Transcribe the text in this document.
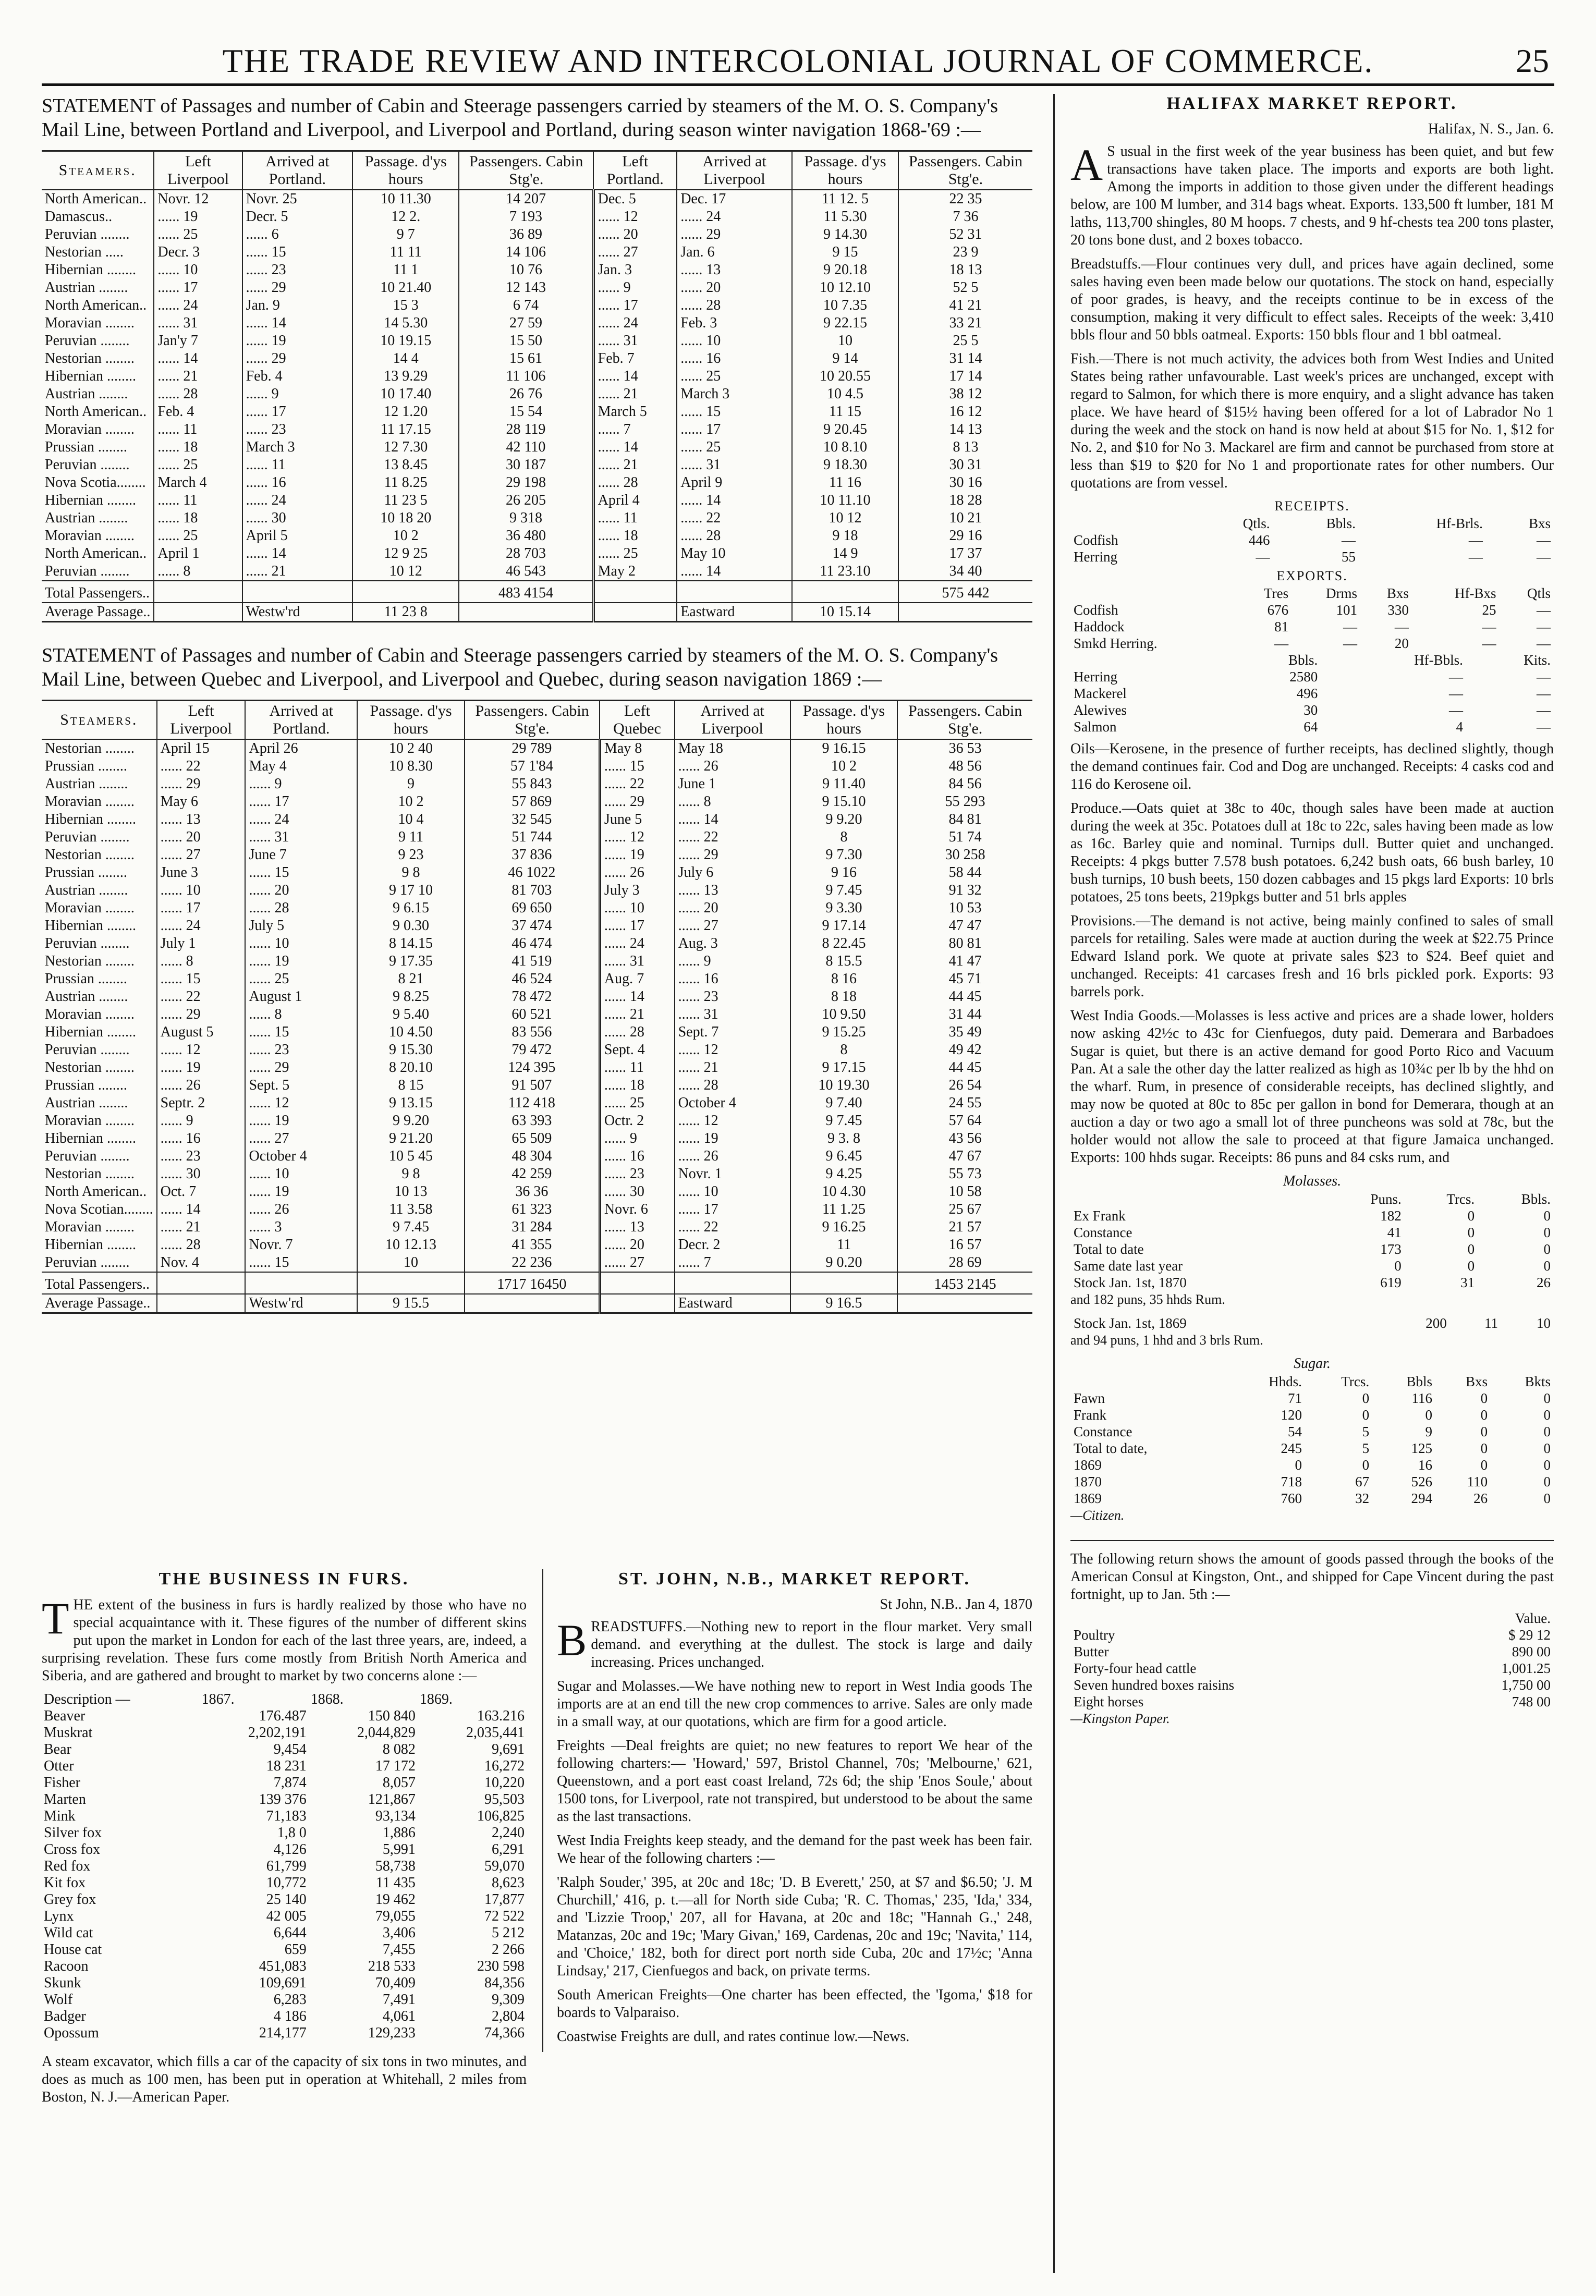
THE TRADE REVIEW AND INTERCOLONIAL JOURNAL OF COMMERCE.	25
STATEMENT of Passages and number of Cabin and Steerage passengers carried by steamers of the M. O. S. Company's Mail Line, between Portland and Liverpool, and Liverpool and Portland, during season winter navigation 1868-'69 :—
Steamers.	Left Liverpool	Arrived at Portland.	Passage. d'ys hours	Passengers. Cabin Stg'e.	Left Portland.	Arrived at Liverpool	Passage. d'ys hours	Passengers. Cabin Stg'e.
North American..	Novr. 12	Novr. 25	10 11.30	14 207	Dec. 5	Dec. 17	11 12. 5	22 35
Damascus..	...... 19	Decr. 5	12 2.	7 193	...... 12	...... 24	11 5.30	7 36
Peruvian ........	...... 25	...... 6	9 7	36 89	...... 20	...... 29	9 14.30	52 31
Nestorian .....	Decr. 3	...... 15	11 11	14 106	...... 27	Jan. 6	9 15	23 9
Hibernian ........	...... 10	...... 23	11 1	10 76	Jan. 3	...... 13	9 20.18	18 13
Austrian ........	...... 17	...... 29	10 21.40	12 143	...... 9	...... 20	10 12.10	52 5
North American..	...... 24	Jan. 9	15 3	6 74	...... 17	...... 28	10 7.35	41 21
Moravian ........	...... 31	...... 14	14 5.30	27 59	...... 24	Feb. 3	9 22.15	33 21
Peruvian ........	Jan'y 7	...... 19	10 19.15	15 50	...... 31	...... 10	10	25 5
Nestorian ........	...... 14	...... 29	14 4	15 61	Feb. 7	...... 16	9 14	31 14
Hibernian ........	...... 21	Feb. 4	13 9.29	11 106	...... 14	...... 25	10 20.55	17 14
Austrian ........	...... 28	...... 9	10 17.40	26 76	...... 21	March 3	10 4.5	38 12
North American..	Feb. 4	...... 17	12 1.20	15 54	March 5	...... 15	11 15	16 12
Moravian ........	...... 11	...... 23	11 17.15	28 119	...... 7	...... 17	9 20.45	14 13
Prussian ........	...... 18	March 3	12 7.30	42 110	...... 14	...... 25	10 8.10	8 13
Peruvian ........	...... 25	...... 11	13 8.45	30 187	...... 21	...... 31	9 18.30	30 31
Nova Scotia........	March 4	...... 16	11 8.25	29 198	...... 28	April 9	11 16	30 16
Hibernian ........	...... 11	...... 24	11 23 5	26 205	April 4	...... 14	10 11.10	18 28
Austrian ........	...... 18	...... 30	10 18 20	9 318	...... 11	...... 22	10 12	10 21
Moravian ........	...... 25	April 5	10 2	36 480	...... 18	...... 28	9 18	29 16
North American..	April 1	...... 14	12 9 25	28 703	...... 25	May 10	14 9	17 37
Peruvian ........	...... 8	...... 21	10 12	46 543	May 2	...... 14	11 23.10	34 40
Total Passengers..				483 4154				575 442
Average Passage..		Westw'rd	11 23 8			Eastward	10 15.14	
STATEMENT of Passages and number of Cabin and Steerage passengers carried by steamers of the M. O. S. Company's Mail Line, between Quebec and Liverpool, and Liverpool and Quebec, during season navigation 1869 :—
Steamers.	Left Liverpool	Arrived at Portland.	Passage. d'ys hours	Passengers. Cabin Stg'e.	Left Quebec	Arrived at Liverpool	Passage. d'ys hours	Passengers. Cabin Stg'e.
Nestorian ........	April 15	April 26	10 2 40	29 789	May 8	May 18	9 16.15	36 53
Prussian ........	...... 22	May 4	10 8.30	57 1'84	...... 15	...... 26	10 2	48 56
Austrian ........	...... 29	...... 9	9	55 843	...... 22	June 1	9 11.40	84 56
Moravian ........	May 6	...... 17	10 2	57 869	...... 29	...... 8	9 15.10	55 293
Hibernian ........	...... 13	...... 24	10 4	32 545	June 5	...... 14	9 9.20	84 81
Peruvian ........	...... 20	...... 31	9 11	51 744	...... 12	...... 22	8	51 74
Nestorian ........	...... 27	June 7	9 23	37 836	...... 19	...... 29	9 7.30	30 258
Prussian ........	June 3	...... 15	9 8	46 1022	...... 26	July 6	9 16	58 44
Austrian ........	...... 10	...... 20	9 17 10	81 703	July 3	...... 13	9 7.45	91 32
Moravian ........	...... 17	...... 28	9 6.15	69 650	...... 10	...... 20	9 3.30	10 53
Hibernian ........	...... 24	July 5	9 0.30	37 474	...... 17	...... 27	9 17.14	47 47
Peruvian ........	July 1	...... 10	8 14.15	46 474	...... 24	Aug. 3	8 22.45	80 81
Nestorian ........	...... 8	...... 19	9 17.35	41 519	...... 31	...... 9	8 15.5	41 47
Prussian ........	...... 15	...... 25	8 21	46 524	Aug. 7	...... 16	8 16	45 71
Austrian ........	...... 22	August 1	9 8.25	78 472	...... 14	...... 23	8 18	44 45
Moravian ........	...... 29	...... 8	9 5.40	60 521	...... 21	...... 31	10 9.50	31 44
Hibernian ........	August 5	...... 15	10 4.50	83 556	...... 28	Sept. 7	9 15.25	35 49
Peruvian ........	...... 12	...... 23	9 15.30	79 472	Sept. 4	...... 12	8	49 42
Nestorian ........	...... 19	...... 29	8 20.10	124 395	...... 11	...... 21	9 17.15	44 45
Prussian ........	...... 26	Sept. 5	8 15	91 507	...... 18	...... 28	10 19.30	26 54
Austrian ........	Septr. 2	...... 12	9 13.15	112 418	...... 25	October 4	9 7.40	24 55
Moravian ........	...... 9	...... 19	9 9.20	63 393	Octr. 2	...... 12	9 7.45	57 64
Hibernian ........	...... 16	...... 27	9 21.20	65 509	...... 9	...... 19	9 3. 8	43 56
Peruvian ........	...... 23	October 4	10 5 45	48 304	...... 16	...... 26	9 6.45	47 67
Nestorian ........	...... 30	...... 10	9 8	42 259	...... 23	Novr. 1	9 4.25	55 73
North American..	Oct. 7	...... 19	10 13	36 36	...... 30	...... 10	10 4.30	10 58
Nova Scotian........	...... 14	...... 26	11 3.58	61 323	Novr. 6	...... 17	11 1.25	25 67
Moravian ........	...... 21	...... 3	9 7.45	31 284	...... 13	...... 22	9 16.25	21 57
Hibernian ........	...... 28	Novr. 7	10 12.13	41 355	...... 20	Decr. 2	11	16 57
Peruvian ........	Nov. 4	...... 15	10	22 236	...... 27	...... 7	9 0.20	28 69
Total Passengers..				1717 16450				1453 2145
Average Passage..		Westw'rd	9 15.5			Eastward	9 16.5	
THE BUSINESS IN FURS.
T HE extent of the business in furs is hardly realized by those who have no special acquaintance with it. These figures of the number of different skins put upon the market in London for each of the last three years, are, indeed, a surprising revelation. These furs come mostly from British North America and Siberia, and are gathered and brought to market by two concerns alone :—
Description —	1867.	1868.	1869.
Beaver	176.487	150 840	163.216
Muskrat	2,202,191	2,044,829	2,035,441
Bear	9,454	8 082	9,691
Otter	18 231	17 172	16,272
Fisher	7,874	8,057	10,220
Marten	139 376	121,867	95,503
Mink	71,183	93,134	106,825
Silver fox	1,8 0	1,886	2,240
Cross fox	4,126	5,991	6,291
Red fox	61,799	58,738	59,070
Kit fox	10,772	11 435	8,623
Grey fox	25 140	19 462	17,877
Lynx	42 005	79,055	72 522
Wild cat	6,644	3,406	5 212
House cat	659	7,455	2 266
Racoon	451,083	218 533	230 598
Skunk	109,691	70,409	84,356
Wolf	6,283	7,491	9,309
Badger	4 186	4,061	2,804
Opossum	214,177	129,233	74,366
A steam excavator, which fills a car of the capacity of six tons in two minutes, and does as much as 100 men, has been put in operation at Whitehall, 2 miles from Boston, N. J.—American Paper.
ST. JOHN, N.B., MARKET REPORT.
St John, N.B.. Jan 4, 1870
B READSTUFFS.—Nothing new to report in the flour market. Very small demand. and everything at the dullest. The stock is large and daily increasing. Prices unchanged.
Sugar and Molasses.—We have nothing new to report in West India goods The imports are at an end till the new crop commences to arrive. Sales are only made in a small way, at our quotations, which are firm for a good article.
Freights —Deal freights are quiet; no new features to report We hear of the following charters:— 'Howard,' 597, Bristol Channel, 70s; 'Melbourne,' 621, Queenstown, and a port east coast Ireland, 72s 6d; the ship 'Enos Soule,' about 1500 tons, for Liverpool, rate not transpired, but understood to be about the same as the last transactions.
West India Freights keep steady, and the demand for the past week has been fair. We hear of the following charters :—
'Ralph Souder,' 395, at 20c and 18c; 'D. B Everett,' 250, at $7 and $6.50; 'J. M Churchill,' 416, p. t.—all for North side Cuba; 'R. C. Thomas,' 235, 'Ida,' 334, and 'Lizzie Troop,' 207, all for Havana, at 20c and 18c; "Hannah G.,' 248, Matanzas, 20c and 19c; 'Mary Givan,' 169, Cardenas, 20c and 19c; 'Navita,' 114, and 'Choice,' 182, both for direct port north side Cuba, 20c and 17½c; 'Anna Lindsay,' 217, Cienfuegos and back, on private terms.
South American Freights—One charter has been effected, the 'Igoma,' $18 for boards to Valparaiso.
Coastwise Freights are dull, and rates continue low.—News.
HALIFAX MARKET REPORT.
Halifax, N. S., Jan. 6.
A S usual in the first week of the year business has been quiet, and but few transactions have taken place. The imports and exports are both light. Among the imports in addition to those given under the different headings below, are 100 M lumber, and 314 bags wheat. Exports. 133,500 ft lumber, 181 M laths, 113,700 shingles, 80 M hoops. 7 chests, and 9 hf-chests tea 200 tons plaster, 20 tons bone dust, and 2 boxes tobacco.
Breadstuffs.—Flour continues very dull, and prices have again declined, some sales having even been made below our quotations. The stock on hand, especially of poor grades, is heavy, and the receipts continue to be in excess of the consumption, making it very difficult to effect sales. Receipts of the week: 3,410 bbls flour and 50 bbls oatmeal. Exports: 150 bbls flour and 1 bbl oatmeal.
Fish.—There is not much activity, the advices both from West Indies and United States being rather unfavourable. Last week's prices are unchanged, except with regard to Salmon, for which there is more enquiry, and a slight advance has taken place. We have heard of $15½ having been offered for a lot of Labrador No 1 during the week and the stock on hand is now held at about $15 for No. 1, $12 for No. 2, and $10 for No 3. Mackarel are firm and cannot be purchased from store at less than $19 to $20 for No 1 and proportionate rates for other numbers. Our quotations are from vessel.
RECEIPTS.
	Qtls.	Bbls.	Hf-Brls.	Bxs
Codfish	446	—	—	—
Herring	—	55	—	—
EXPORTS.
	Tres	Drms	Bxs	Hf-Bxs	Qtls
Codfish	676	101	330	25	—
Haddock	81	—	—	—	—
Smkd Herring.	—	—	20	—	—
	Bbls.	Hf-Bbls.	Kits.
Herring	2580	—	—
Mackerel	496	—	—
Alewives	30	—	—
Salmon	64	4	—
Oils—Kerosene, in the presence of further receipts, has declined slightly, though the demand continues fair. Cod and Dog are unchanged. Receipts: 4 casks cod and 116 do Kerosene oil.
Produce.—Oats quiet at 38c to 40c, though sales have been made at auction during the week at 35c. Potatoes dull at 18c to 22c, sales having been made as low as 16c. Barley quie and nominal. Turnips dull. Butter quiet and unchanged. Receipts: 4 pkgs butter 7.578 bush potatoes. 6,242 bush oats, 66 bush barley, 10 bush turnips, 10 bush beets, 150 dozen cabbages and 15 pkgs lard Exports: 10 brls potatoes, 25 tons beets, 219pkgs butter and 51 brls apples
Provisions.—The demand is not active, being mainly confined to sales of small parcels for retailing. Sales were made at auction during the week at $22.75 Prince Edward Island pork. We quote at private sales $23 to $24. Beef quiet and unchanged. Receipts: 41 carcases fresh and 16 brls pickled pork. Exports: 93 barrels pork.
West India Goods.—Molasses is less active and prices are a shade lower, holders now asking 42½c to 43c for Cienfuegos, duty paid. Demerara and Barbadoes Sugar is quiet, but there is an active demand for good Porto Rico and Vacuum Pan. At a sale the other day the latter realized as high as 10¾c per lb by the hhd on the wharf. Rum, in presence of considerable receipts, has declined slightly, and may now be quoted at 80c to 85c per gallon in bond for Demerara, though at an auction a day or two ago a small lot of three puncheons was sold at 78c, but the holder would not allow the sale to proceed at that figure Jamaica unchanged. Exports: 100 hhds sugar. Receipts: 86 puns and 84 csks rum, and
Molasses.
	Puns.	Trcs.	Bbls.
Ex Frank	182	0	0
Constance	41	0	0
Total to date	173	0	0
Same date last year	0	0	0
Stock Jan. 1st, 1870	619	31	26
and 182 puns, 35 hhds Rum.
Stock Jan. 1st, 1869	200	11	10
and 94 puns, 1 hhd and 3 brls Rum.
Sugar.
	Hhds.	Trcs.	Bbls	Bxs	Bkts
Fawn	71	0	116	0	0
Frank	120	0	0	0	0
Constance	54	5	9	0	0
Total to date,	245	5	125	0	0
1869	0	0	16	0	0
1870	718	67	526	110	0
1869	760	32	294	26	0
—Citizen.
The following return shows the amount of goods passed through the books of the American Consul at Kingston, Ont., and shipped for Cape Vincent during the past fortnight, up to Jan. 5th :—
	Value.
Poultry	$ 29 12
Butter	890 00
Forty-four head cattle	1,001.25
Seven hundred boxes raisins	1,750 00
Eight horses	748 00
—Kingston Paper.
